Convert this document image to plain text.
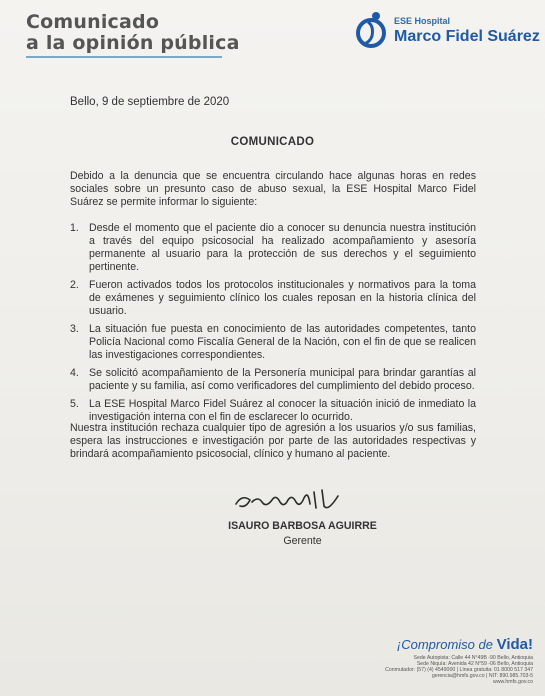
Comunicado
a la opinión pública
ESE Hospital
Marco Fidel Suárez
Bello, 9 de septiembre de 2020
COMUNICADO
Debido a la denuncia que se encuentra circulando hace algunas horas en redes sociales sobre un presunto caso de abuso sexual, la ESE Hospital Marco Fidel Suárez se permite informar lo siguiente:
1. Desde el momento que el paciente dio a conocer su denuncia nuestra institución a través del equipo psicosocial ha realizado acompañamiento y asesoría permanente al usuario para la protección de sus derechos y el seguimiento pertinente.
2. Fueron activados todos los protocolos institucionales y normativos para la toma de exámenes y seguimiento clínico los cuales reposan en la historia clínica del usuario.
3. La situación fue puesta en conocimiento de las autoridades competentes, tanto Policía Nacional como Fiscalía General de la Nación, con el fin de que se realicen las investigaciones correspondientes.
4. Se solicitó acompañamiento de la Personería municipal para brindar garantías al paciente y su familia, así como verificadores del cumplimiento del debido proceso.
5. La ESE Hospital Marco Fidel Suárez al conocer la situación inició de inmediato la investigación interna con el fin de esclarecer lo ocurrido.
Nuestra institución rechaza cualquier tipo de agresión a los usuarios y/o sus familias, espera las instrucciones e investigación por parte de las autoridades respectivas y brindará acompañamiento psicosocial, clínico y humano al paciente.
ISAURO BARBOSA AGUIRRE
Gerente
¡Compromiso de Vida!
Sede Autopista: Calle 44 N°49B -90 Bello, Antioquia
Sede Niquía: Avenida 42 N°59 -06 Bello, Antioquia
Conmutador: (57) (4) 4549000 | Línea gratuita: 01 8000 517 347
gerencia@hmfs.gov.co | NIT: 890.985.703-5
www.hmfs.gov.co
